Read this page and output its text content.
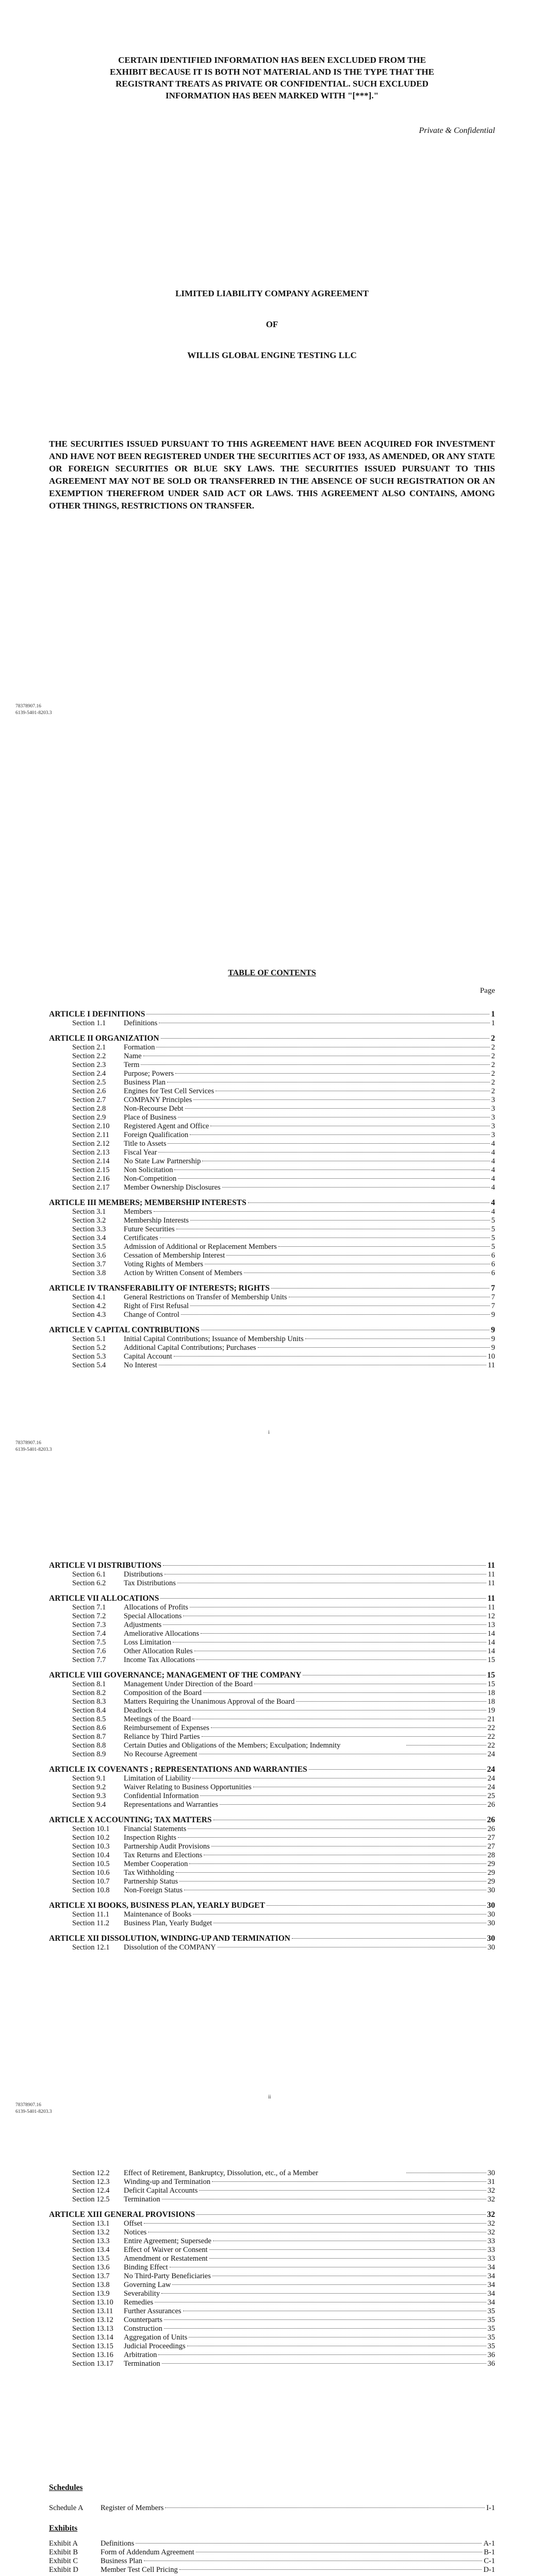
CERTAIN IDENTIFIED INFORMATION HAS BEEN EXCLUDED FROM THE EXHIBIT BECAUSE IT IS BOTH NOT MATERIAL AND IS THE TYPE THAT THE REGISTRANT TREATS AS PRIVATE OR CONFIDENTIAL. SUCH EXCLUDED INFORMATION HAS BEEN MARKED WITH "[***]."
Private & Confidential
LIMITED LIABILITY COMPANY AGREEMENT
OF
WILLIS GLOBAL ENGINE TESTING LLC
THE SECURITIES ISSUED PURSUANT TO THIS AGREEMENT HAVE BEEN ACQUIRED FOR INVESTMENT AND HAVE NOT BEEN REGISTERED UNDER THE SECURITIES ACT OF 1933, AS AMENDED, OR ANY STATE OR FOREIGN SECURITIES OR BLUE SKY LAWS. THE SECURITIES ISSUED PURSUANT TO THIS AGREEMENT MAY NOT BE SOLD OR TRANSFERRED IN THE ABSENCE OF SUCH REGISTRATION OR AN EXEMPTION THEREFROM UNDER SAID ACT OR LAWS. THIS AGREEMENT ALSO CONTAINS, AMONG OTHER THINGS, RESTRICTIONS ON TRANSFER.
78378907.16
6139-5401-8203.3
TABLE OF CONTENTS
Page
ARTICLE I DEFINITIONS	1
Section 1.1	Definitions	1
ARTICLE II ORGANIZATION	2
Section 2.1	Formation	2
Section 2.2	Name	2
Section 2.3	Term	2
Section 2.4	Purpose; Powers	2
Section 2.5	Business Plan	2
Section 2.6	Engines for Test Cell Services	2
Section 2.7	COMPANY Principles	3
Section 2.8	Non-Recourse Debt	3
Section 2.9	Place of Business	3
Section 2.10	Registered Agent and Office	3
Section 2.11	Foreign Qualification	3
Section 2.12	Title to Assets	4
Section 2.13	Fiscal Year	4
Section 2.14	No State Law Partnership	4
Section 2.15	Non Solicitation	4
Section 2.16	Non-Competition	4
Section 2.17	Member Ownership Disclosures	4
ARTICLE III MEMBERS; MEMBERSHIP INTERESTS	4
Section 3.1	Members	4
Section 3.2	Membership Interests	5
Section 3.3	Future Securities	5
Section 3.4	Certificates	5
Section 3.5	Admission of Additional or Replacement Members	5
Section 3.6	Cessation of Membership Interest	6
Section 3.7	Voting Rights of Members	6
Section 3.8	Action by Written Consent of Members	6
ARTICLE IV TRANSFERABILITY OF INTERESTS; RIGHTS	7
Section 4.1	General Restrictions on Transfer of Membership Units	7
Section 4.2	Right of First Refusal	7
Section 4.3	Change of Control	9
ARTICLE V CAPITAL CONTRIBUTIONS	9
Section 5.1	Initial Capital Contributions; Issuance of Membership Units	9
Section 5.2	Additional Capital Contributions; Purchases	9
Section 5.3	Capital Account	10
Section 5.4	No Interest	11
i
78378907.16
6139-5401-8203.3
ARTICLE VI DISTRIBUTIONS	11
Section 6.1	Distributions	11
Section 6.2	Tax Distributions	11
ARTICLE VII ALLOCATIONS	11
Section 7.1	Allocations of Profits	11
Section 7.2	Special Allocations	12
Section 7.3	Adjustments	13
Section 7.4	Ameliorative Allocations	14
Section 7.5	Loss Limitation	14
Section 7.6	Other Allocation Rules	14
Section 7.7	Income Tax Allocations	15
ARTICLE VIII GOVERNANCE; MANAGEMENT OF THE COMPANY	15
Section 8.1	Management Under Direction of the Board	15
Section 8.2	Composition of the Board	18
Section 8.3	Matters Requiring the Unanimous Approval of the Board	18
Section 8.4	Deadlock	19
Section 8.5	Meetings of the Board	21
Section 8.6	Reimbursement of Expenses	22
Section 8.7	Reliance by Third Parties	22
Section 8.8	Certain Duties and Obligations of the Members; Exculpation; Indemnity	22
Section 8.9	No Recourse Agreement	24
ARTICLE IX COVENANTS ; REPRESENTATIONS AND WARRANTIES	24
Section 9.1	Limitation of Liability	24
Section 9.2	Waiver Relating to Business Opportunities	24
Section 9.3	Confidential Information	25
Section 9.4	Representations and Warranties	26
ARTICLE X ACCOUNTING; TAX MATTERS	26
Section 10.1	Financial Statements	26
Section 10.2	Inspection Rights	27
Section 10.3	Partnership Audit Provisions	27
Section 10.4	Tax Returns and Elections	28
Section 10.5	Member Cooperation	29
Section 10.6	Tax Withholding	29
Section 10.7	Partnership Status	29
Section 10.8	Non-Foreign Status	30
ARTICLE XI BOOKS, BUSINESS PLAN, YEARLY BUDGET	30
Section 11.1	Maintenance of Books	30
Section 11.2	Business Plan, Yearly Budget	30
ARTICLE XII DISSOLUTION, WINDING-UP AND TERMINATION	30
Section 12.1	Dissolution of the COMPANY	30
ii
78378907.16
6139-5401-8203.3
Section 12.2	Effect of Retirement, Bankruptcy, Dissolution, etc., of a Member	30
Section 12.3	Winding-up and Termination	31
Section 12.4	Deficit Capital Accounts	32
Section 12.5	Termination	32
ARTICLE XIII GENERAL PROVISIONS	32
Section 13.1	Offset	32
Section 13.2	Notices	32
Section 13.3	Entire Agreement; Supersede	33
Section 13.4	Effect of Waiver or Consent	33
Section 13.5	Amendment or Restatement	33
Section 13.6	Binding Effect	34
Section 13.7	No Third-Party Beneficiaries	34
Section 13.8	Governing Law	34
Section 13.9	Severability	34
Section 13.10	Remedies	34
Section 13.11	Further Assurances	35
Section 13.12	Counterparts	35
Section 13.13	Construction	35
Section 13.14	Aggregation of Units	35
Section 13.15	Judicial Proceedings	35
Section 13.16	Arbitration	36
Section 13.17	Termination	36
Schedules
Schedule A	Register of Members	I-1
Exhibits
Exhibit A	Definitions	A-1
Exhibit B	Form of Addendum Agreement	B-1
Exhibit C	Business Plan	C-1
Exhibit D	Member Test Cell Pricing	D-1
